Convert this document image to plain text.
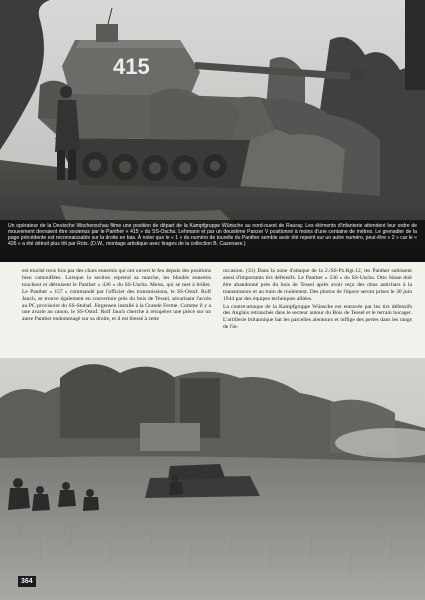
415
Un opérateur de la Deutsche Wochenschau filme une position de départ de la Kampfgruppe Wünsche au nord-ouest de Rauray. Les éléments d'infanterie attendent leur ordre de mouvement devraient être soutenus par le Panther « 415 » du SS-Oscha. Lehmann et par un deuxième Panzer V positionné à moins d'une centaine de mètres. Le grenadier de la page précédente est reconnaissable sur la droite en bas. À noter que le « 1 » du numéro de tourelle du Panther semble avoir été repeint sur un autre numéro, peut-être « 2 » car le « 426 » a été détruit plus tôt par Rots. (D.W., montage artistique avec tirages de la collection B. Cazenave.)

est touché trois fois par des chars ennemis qui ont ouvert le feu depuis des positions bien camouflées. Lorsque la section reprend sa marche, les blindés ennemis touchent et détruisent le Panther « 436 » du SS-Uscha. Meiss, qui se met à brûler. Le Panther « 157 » commandé par l'officier des transmissions, le SS-Ostuf. Rolf Jauch, se trouve également en couverture près du bois de Tessel, sécurisant l'accès au PC provisoire du SS-Stubaf. Jürgensen installé à la Grande Ferme. Comme il y a une avarie au canon, le SS-Ostuf. Rolf Jauch cherche à récupérer une pièce sur un autre Panther endommagé sur sa droite, et il est blessé à cette

occasion. (31) Dans la zone d'attaque de la 2./SS-Pz.Rgt.12, les Panther subissent aussi d'importants tirs défensifs. Le Panther « 236 » du SS-Uscha. Otto Süsse doit être abandonné près du bois de Tessel après avoir reçu des obus antichars à la transmission et au train de roulement. Des photos de l'épave seront prises le 30 juin 1944 par des équipes techniques alliées.

La contre-attaque de la Kampfgruppe Wünsche est entravée par les tirs défensifs des Anglais retranchés dans le secteur autour du Bois de Tessel et le terrain bocager. L'artillerie britannique bat les parcelles alentours et inflige des pertes dans les rangs de l'in-

364
